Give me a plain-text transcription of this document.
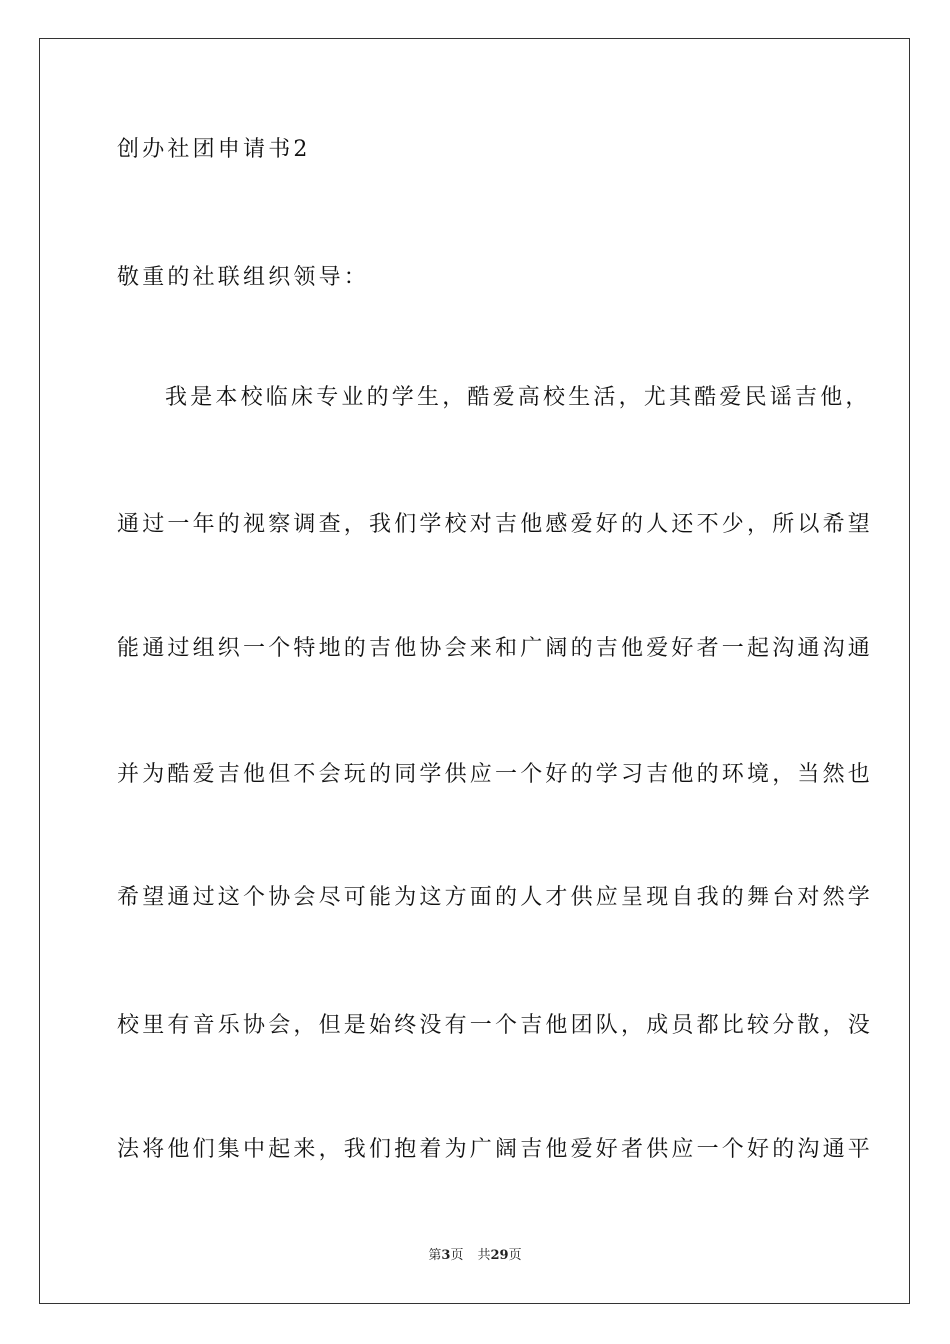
创办社团申请书2
敬重的社联组织领导：
我是本校临床专业的学生，酷爱高校生活，尤其酷爱民谣吉他，
通过一年的视察调查，我们学校对吉他感爱好的人还不少，所以希望
能通过组织一个特地的吉他协会来和广阔的吉他爱好者一起沟通沟通
并为酷爱吉他但不会玩的同学供应一个好的学习吉他的环境，当然也
希望通过这个协会尽可能为这方面的人才供应呈现自我的舞台对然学
校里有音乐协会，但是始终没有一个吉他团队，成员都比较分散，没
法将他们集中起来，我们抱着为广阔吉他爱好者供应一个好的沟通平
第3页 共29页
